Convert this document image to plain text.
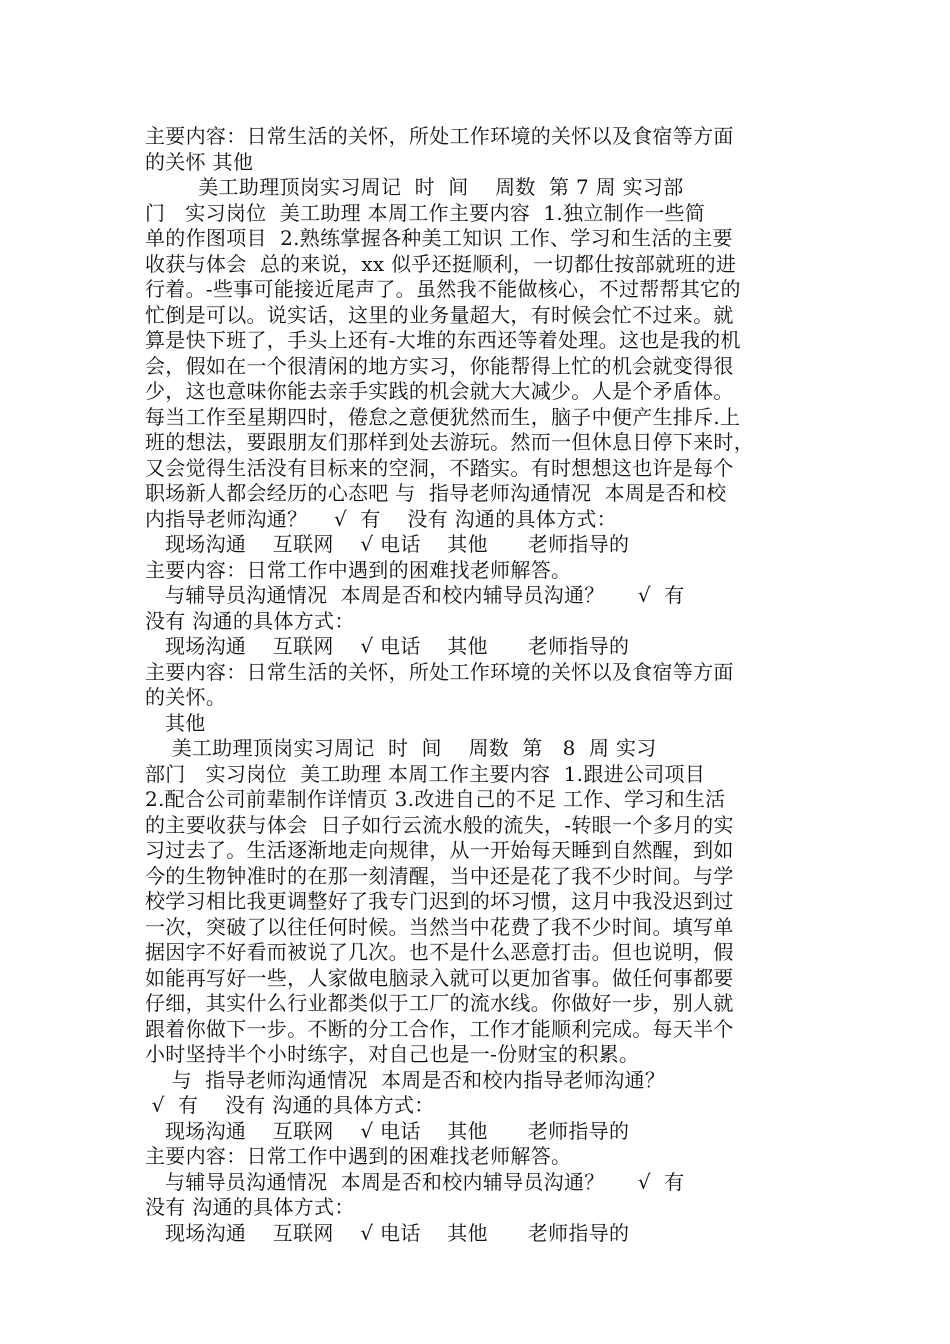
主要内容：日常生活的关怀，所处工作环境的关怀以及食宿等方面
的关怀 其他
美工助理顶岗实习周记  时  间    周数  第 7 周 实习部
门   实习岗位  美工助理 本周工作主要内容  1.独立制作一些简
单的作图项目  2.熟练掌握各种美工知识 工作、学习和生活的主要
收获与体会  总的来说，xx 似乎还挺顺利，一切都仕按部就班的进
行着。-些事可能接近尾声了。虽然我不能做核心，不过帮帮其它的
忙倒是可以。说实话，这里的业务量超大，有时候会忙不过来。就
算是快下班了，手头上还有-大堆的东西还等着处理。这也是我的机
会，假如在一个很清闲的地方实习，你能帮得上忙的机会就变得很
少，这也意味你能去亲手实践的机会就大大减少。人是个矛盾体。
每当工作至星期四时，倦怠之意便犹然而生，脑子中便产生排斥.上
班的想法，要跟朋友们那样到处去游玩。然而一但休息日停下来时，
又会觉得生活没有目标来的空洞，不踏实。有时想想这也许是每个
职场新人都会经历的心态吧 与  指导老师沟通情况  本周是否和校
内指导老师沟通？    √  有    没有 沟通的具体方式：
现场沟通    互联网    √ 电话    其他      老师指导的
主要内容：日常工作中遇到的困难找老师解答。
与辅导员沟通情况  本周是否和校内辅导员沟通？     √  有
没有 沟通的具体方式：
现场沟通    互联网    √ 电话    其他      老师指导的
主要内容：日常生活的关怀，所处工作环境的关怀以及食宿等方面
的关怀。
其他
美工助理顶岗实习周记  时  间    周数  第   8  周 实习
部门   实习岗位  美工助理 本周工作主要内容  1.跟进公司项目
2.配合公司前辈制作详情页 3.改进自己的不足 工作、学习和生活
的主要收获与体会  日子如行云流水般的流失，-转眼一个多月的实
习过去了。生活逐渐地走向规律，从一开始每天睡到自然醒，到如
今的生物钟准时的在那一刻清醒，当中还是花了我不少时间。与学
校学习相比我更调整好了我专门迟到的坏习惯，这月中我没迟到过
一次，突破了以往任何时候。当然当中花费了我不少时间。填写单
据因字不好看而被说了几次。也不是什么恶意打击。但也说明，假
如能再写好一些，人家做电脑录入就可以更加省事。做任何事都要
仔细，其实什么行业都类似于工厂的流水线。你做好一步，别人就
跟着你做下一步。不断的分工合作，工作才能顺利完成。每天半个
小时坚持半个小时练字，对自己也是一-份财宝的积累。
与  指导老师沟通情况  本周是否和校内指导老师沟通？
√  有    没有 沟通的具体方式：
现场沟通    互联网    √ 电话    其他      老师指导的
主要内容：日常工作中遇到的困难找老师解答。
与辅导员沟通情况  本周是否和校内辅导员沟通？     √  有
没有 沟通的具体方式：
现场沟通    互联网    √ 电话    其他      老师指导的
